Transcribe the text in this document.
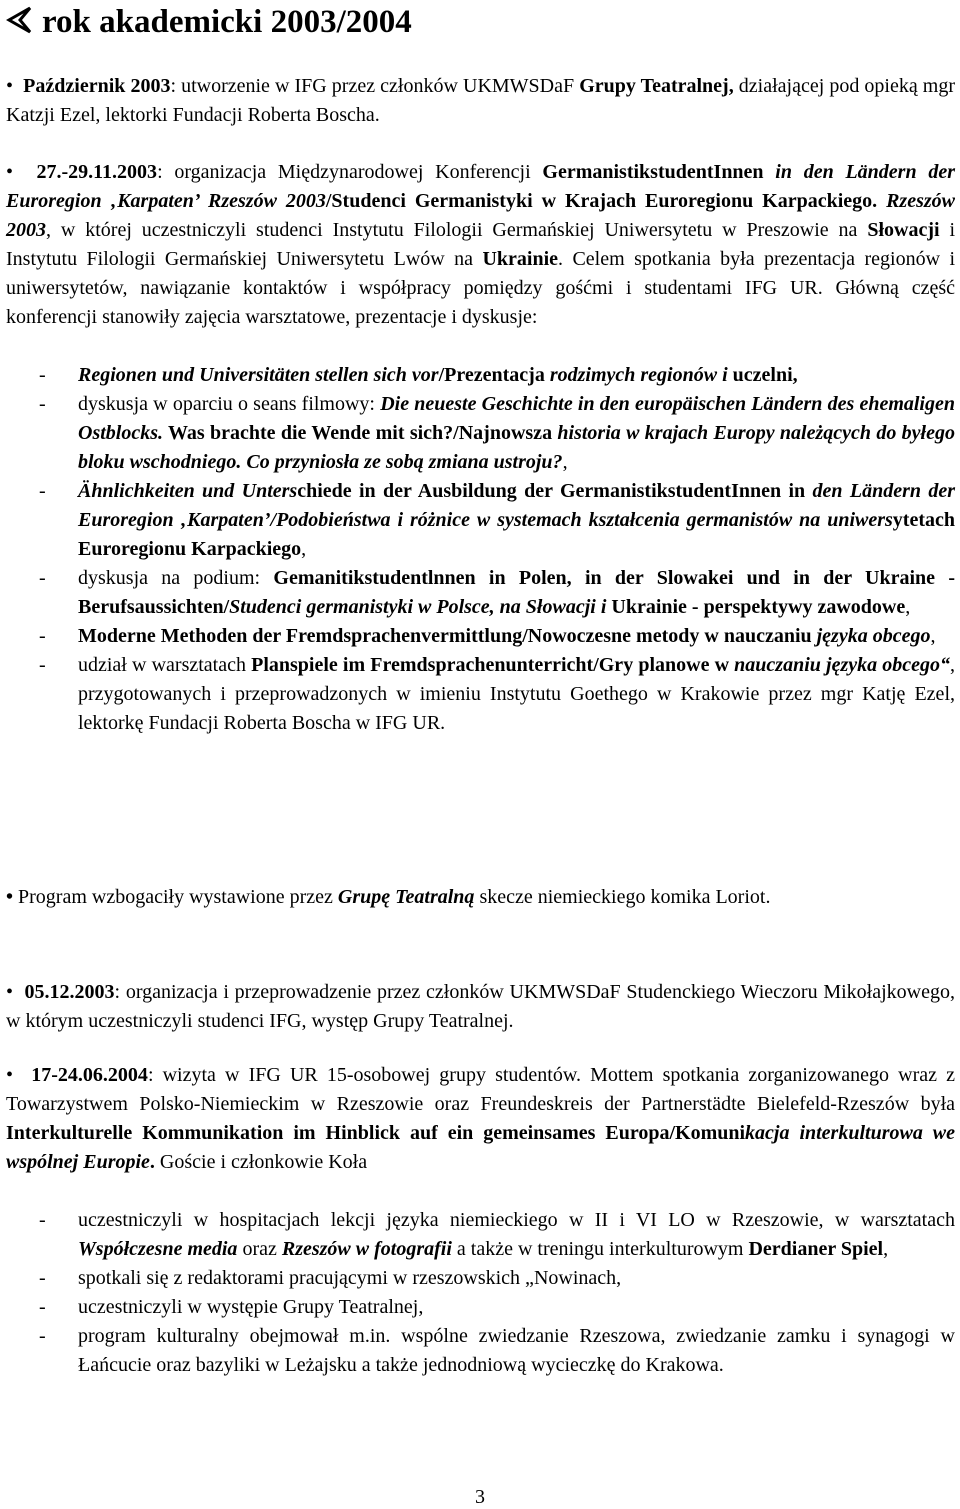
rok akademicki 2003/2004
• Październik 2003: utworzenie w IFG przez członków UKMWSDaF Grupy Teatralnej, działającej pod opieką mgr Katzji Ezel, lektorki Fundacji Roberta Boscha.
• 27.-29.11.2003: organizacja Międzynarodowej Konferencji GermanistikstudentInnen in den Ländern der Euroregion ‚Karpaten’ Rzeszów 2003/Studenci Germanistyki w Krajach Euroregionu Karpackiego. Rzeszów 2003, w której uczestniczyli studenci Instytutu Filologii Germańskiej Uniwersytetu w Preszowie na Słowacji i Instytutu Filologii Germańskiej Uniwersytetu Lwów na Ukrainie. Celem spotkania była prezentacja regionów i uniwersytetów, nawiązanie kontaktów i współpracy pomiędzy gośćmi i studentami IFG UR. Główną część konferencji stanowiły zajęcia warsztatowe, prezentacje i dyskusje:
- Regionen und Universitäten stellen sich vor/Prezentacja rodzimych regionów i uczelni,
- dyskusja w oparciu o seans filmowy: Die neueste Geschichte in den europäischen Ländern des ehemaligen Ostblocks. Was brachte die Wende mit sich?/Najnowsza historia w krajach Europy należących do byłego bloku wschodniego. Co przyniosła ze sobą zmiana ustroju?,
- Ähnlichkeiten und Unterschiede in der Ausbildung der GermanistikstudentInnen in den Ländern der Euroregion ‚Karpaten’/Podobieństwa i różnice w systemach kształcenia germanistów na uniwersytetach Euroregionu Karpackiego,
- dyskusja na podium: Gemanitikstudentlnnen in Polen, in der Slowakei und in der Ukraine - Berufsaussichten/Studenci germanistyki w Polsce, na Słowacji i Ukrainie - perspektywy zawodowe,
- Moderne Methoden der Fremdsprachenvermittlung/Nowoczesne metody w nauczaniu języka obcego,
- udział w warsztatach Planspiele im Fremdsprachenunterricht/Gry planowe w nauczaniu języka obcego“, przygotowanych i przeprowadzonych w imieniu Instytutu Goethego w Krakowie przez mgr Katję Ezel, lektorkę Fundacji Roberta Boscha w IFG UR.
• Program wzbogaciły wystawione przez Grupę Teatralną skecze niemieckiego komika Loriot.
• 05.12.2003: organizacja i przeprowadzenie przez członków UKMWSDaF Studenckiego Wieczoru Mikołajkowego, w którym uczestniczyli studenci IFG, występ Grupy Teatralnej.
• 17-24.06.2004: wizyta w IFG UR 15-osobowej grupy studentów. Mottem spotkania zorganizowanego wraz z Towarzystwem Polsko-Niemieckim w Rzeszowie oraz Freundeskreis der Partnerstädte Bielefeld-Rzeszów była Interkulturelle Kommunikation im Hinblick auf ein gemeinsames Europa/Komunikacja interkulturowa we wspólnej Europie. Goście i członkowie Koła
- uczestniczyli w hospitacjach lekcji języka niemieckiego w II i VI LO w Rzeszowie, w warsztatach Współczesne media oraz Rzeszów w fotografii a także w treningu interkulturowym Derdianer Spiel,
- spotkali się z redaktorami pracującymi w rzeszowskich „Nowinach,
- uczestniczyli w występie Grupy Teatralnej,
- program kulturalny obejmował m.in. wspólne zwiedzanie Rzeszowa, zwiedzanie zamku i synagogi w Łańcucie oraz bazyliki w Leżajsku a także jednodniową wycieczkę do Krakowa.
3
